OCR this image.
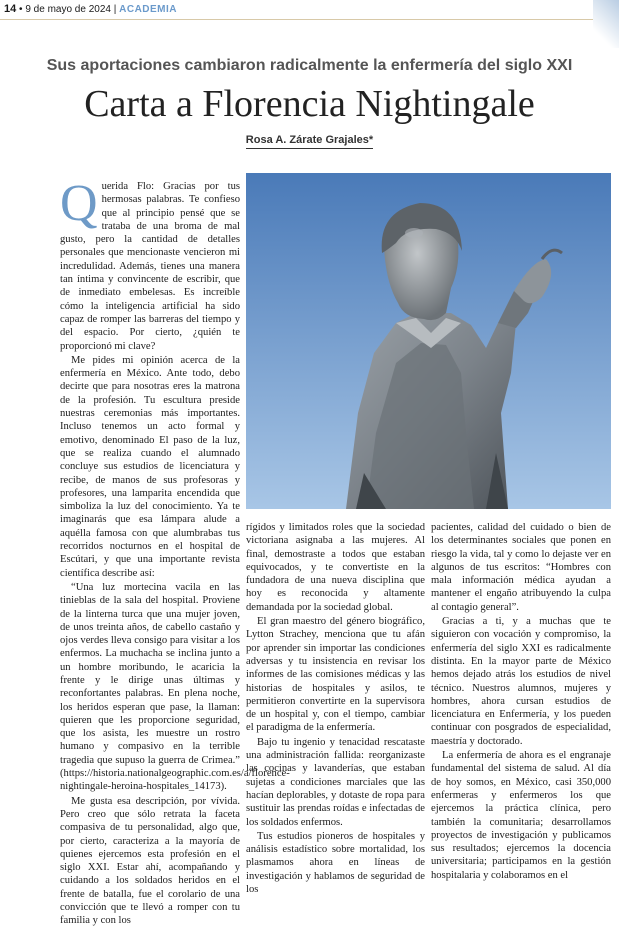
14 • 9 de mayo de 2024 | ACADEMIA
Sus aportaciones cambiaron radicalmente la enfermería del siglo XXI
Carta a Florencia Nightingale
Rosa A. Zárate Grajales*

Querida Flo: Gracias por tus hermosas palabras. Te confieso que al principio pensé que se trataba de una broma de mal gusto, pero la cantidad de detalles personales que mencionaste vencieron mi incredulidad. Además, tienes una manera tan íntima y convincente de escribir, que de inmediato embelesas. Es increíble cómo la inteligencia artificial ha sido capaz de romper las barreras del tiempo y del espacio. Por cierto, ¿quién te proporcionó mi clave?

Me pides mi opinión acerca de la enfermería en México. Ante todo, debo decirte que para nosotras eres la matrona de la profesión. Tu escultura preside nuestras ceremonias más importantes. Incluso tenemos un acto formal y emotivo, denominado El paso de la luz, que se realiza cuando el alumnado concluye sus estudios de licenciatura y recibe, de manos de sus profesoras y profesores, una lamparita encendida que simboliza la luz del conocimiento. Ya te imaginarás que esa lámpara alude a aquélla famosa con que alumbrabas tus recorridos nocturnos en el hospital de Escútari, y que una importante revista científica describe así:

“Una luz mortecina vacila en las tinieblas de la sala del hospital. Proviene de la linterna turca que una mujer joven, de unos treinta años, de cabello castaño y ojos verdes lleva consigo para visitar a los enfermos. La muchacha se inclina junto a un hombre moribundo, le acaricia la frente y le dirige unas últimas y reconfortantes palabras. En plena noche, los heridos esperan que pase, la llaman: quieren que les proporcione seguridad, que los asista, les muestre un rostro humano y compasivo en la terrible tragedia que supuso la guerra de Crimea.” (https://historia.nationalgeographic.com.es/a/florence-nightingale-heroina-hospitales_14173).

Me gusta esa descripción, por vívida. Pero creo que sólo retrata la faceta compasiva de tu personalidad, algo que, por cierto, caracteriza a la mayoría de quienes ejercemos esta profesión en el siglo XXI. Estar ahí, acompañando y cuidando a los soldados heridos en el frente de batalla, fue el corolario de una convicción que te llevó a romper con tu familia y con los

rígidos y limitados roles que la sociedad victoriana asignaba a las mujeres. Al final, demostraste a todos que estaban equivocados, y te convertiste en la fundadora de una nueva disciplina que hoy es reconocida y altamente demandada por la sociedad global.

El gran maestro del género biográfico, Lytton Strachey, menciona que tu afán por aprender sin importar las condiciones adversas y tu insistencia en revisar los informes de las comisiones médicas y las historias de hospitales y asilos, te permitieron convertirte en la supervisora de un hospital y, con el tiempo, cambiar el paradigma de la enfermería.

Bajo tu ingenio y tenacidad rescataste una administración fallida: reorganizaste las cocinas y lavanderías, que estaban sujetas a condiciones marciales que las hacían deplorables, y dotaste de ropa para sustituir las prendas roídas e infectadas de los soldados enfermos.

Tus estudios pioneros de hospitales y análisis estadístico sobre mortalidad, los plasmamos ahora en líneas de investigación y hablamos de seguridad de los

pacientes, calidad del cuidado o bien de los determinantes sociales que ponen en riesgo la vida, tal y como lo dejaste ver en algunos de tus escritos: “Hombres con mala información médica ayudan a mantener el engaño atribuyendo la culpa al contagio general”.

Gracias a ti, y a muchas que te siguieron con vocación y compromiso, la enfermería del siglo XXI es radicalmente distinta. En la mayor parte de México hemos dejado atrás los estudios de nivel técnico. Nuestros alumnos, mujeres y hombres, ahora cursan estudios de licenciatura en Enfermería, y los pueden continuar con posgrados de especialidad, maestría y doctorado.

La enfermería de ahora es el engranaje fundamental del sistema de salud. Al día de hoy somos, en México, casi 350,000 enfermeras y enfermeros los que ejercemos la práctica clínica, pero también la comunitaria; desarrollamos proyectos de investigación y publicamos sus resultados; ejercemos la docencia universitaria; participamos en la gestión hospitalaria y colaboramos en el
